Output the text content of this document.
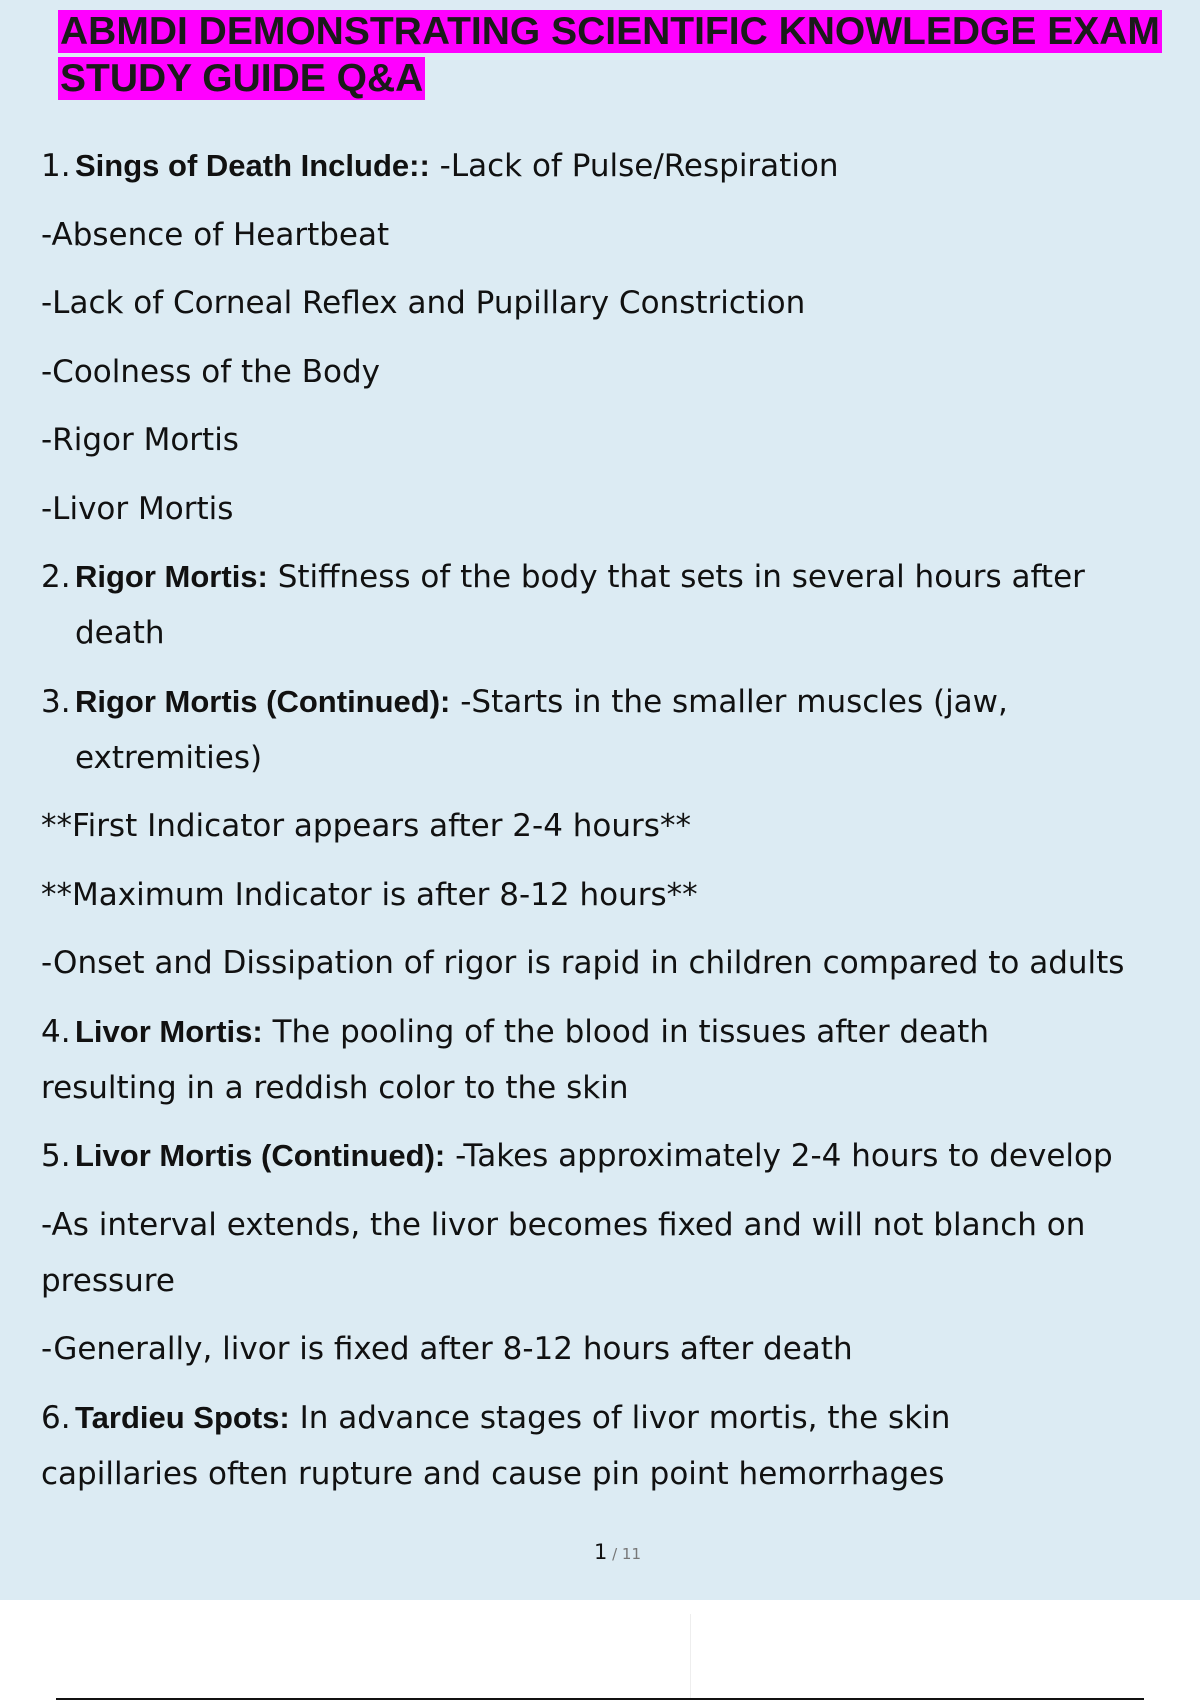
ABMDI DEMONSTRATING SCIENTIFIC KNOWLEDGE EXAM
STUDY GUIDE Q&A
1. Sings of Death Include:: -Lack of Pulse/Respiration
-Absence of Heartbeat
-Lack of Corneal Reflex and Pupillary Constriction
-Coolness of the Body
-Rigor Mortis
-Livor Mortis
2. Rigor Mortis: Stiffness of the body that sets in several hours after
death
3. Rigor Mortis (Continued): -Starts in the smaller muscles (jaw,
extremities)
**First Indicator appears after 2-4 hours**
**Maximum Indicator is after 8-12 hours**
-Onset and Dissipation of rigor is rapid in children compared to adults
4. Livor Mortis: The pooling of the blood in tissues after death
resulting in a reddish color to the skin
5. Livor Mortis (Continued): -Takes approximately 2-4 hours to develop
-As interval extends, the livor becomes fixed and will not blanch on
pressure
-Generally, livor is fixed after 8-12 hours after death
6. Tardieu Spots: In advance stages of livor mortis, the skin
capillaries often rupture and cause pin point hemorrhages
1 / 11
